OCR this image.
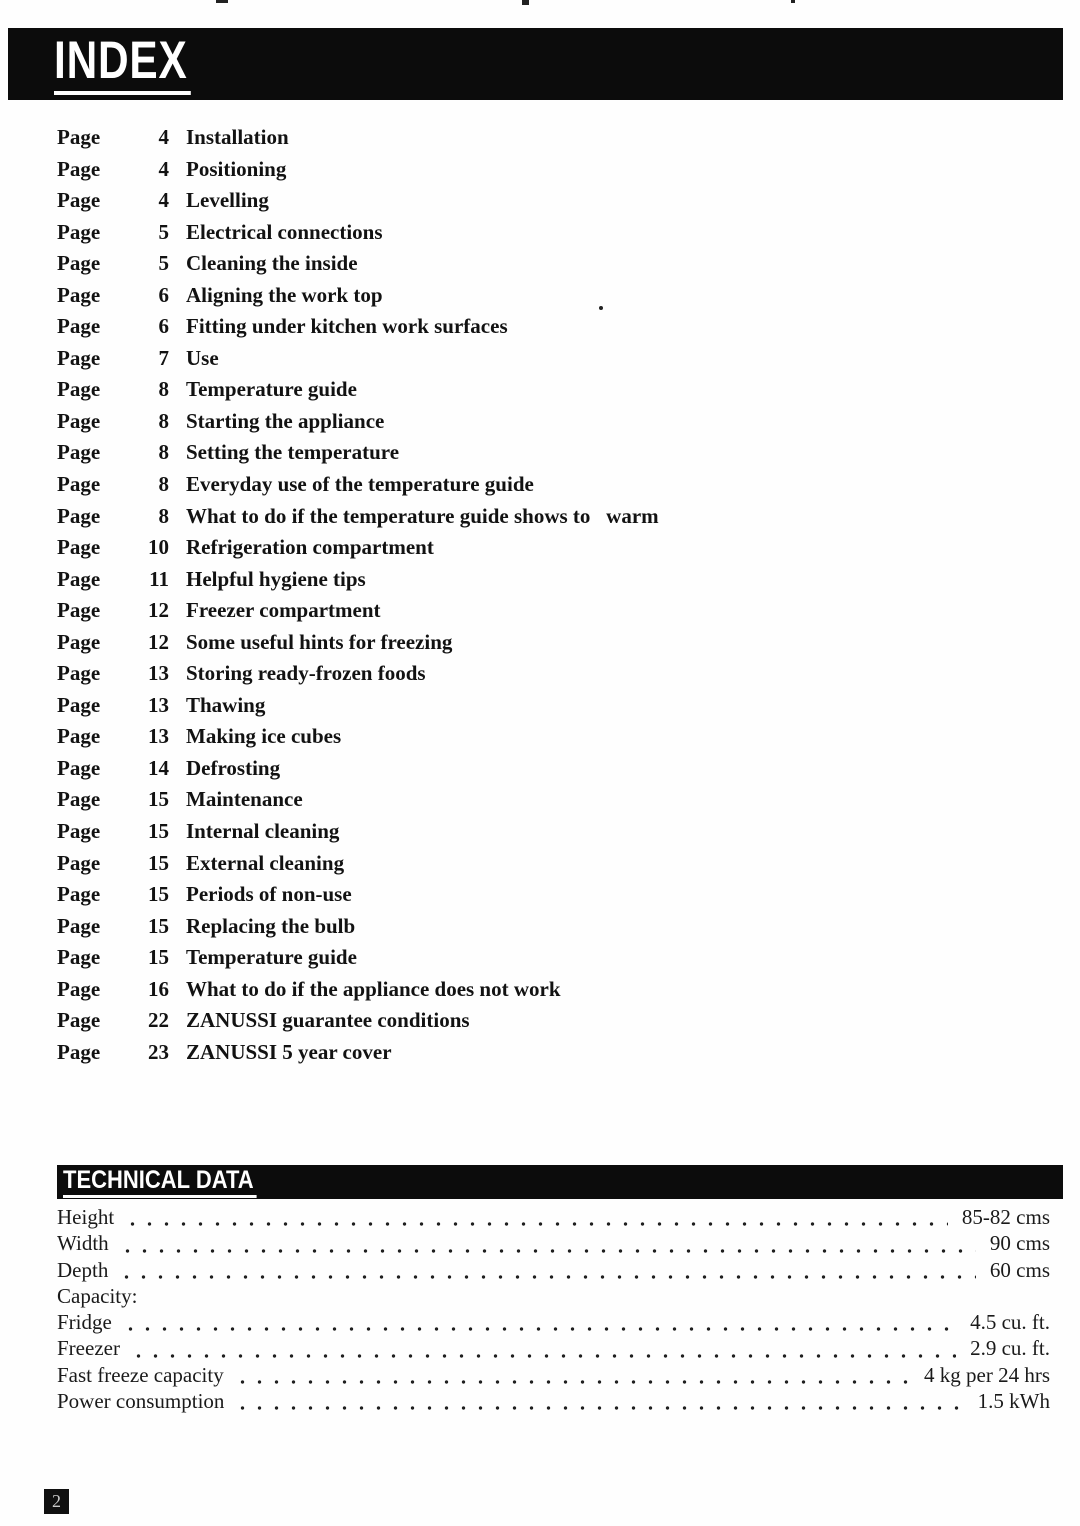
INDEX
Page	4 Installation
Page	4 Positioning
Page	4 Levelling
Page	5 Electrical connections
Page	5 Cleaning the inside
Page	6 Aligning the work top
Page	6 Fitting under kitchen work surfaces
Page	7 Use
Page	8 Temperature guide
Page	8 Starting the appliance
Page	8 Setting the temperature
Page	8 Everyday use of the temperature guide
Page	8 What to do if the temperature guide shows to   warm
Page	10 Refrigeration compartment
Page	11 Helpful hygiene tips
Page	12 Freezer compartment
Page	12 Some useful hints for freezing
Page	13 Storing ready-frozen foods
Page	13 Thawing
Page	13 Making ice cubes
Page	14 Defrosting
Page	15 Maintenance
Page	15 Internal cleaning
Page	15 External cleaning
Page	15 Periods of non-use
Page	15 Replacing the bulb
Page	15 Temperature guide
Page	16 What to do if the appliance does not work
Page	22 ZANUSSI guarantee conditions
Page	23 ZANUSSI 5 year cover
TECHNICAL DATA
Height	85-82 cms
Width	90 cms
Depth	60 cms
Capacity:
Fridge	4.5 cu. ft.
Freezer	2.9 cu. ft.
Fast freeze capacity	4 kg per 24 hrs
Power consumption	1.5 kWh
2
